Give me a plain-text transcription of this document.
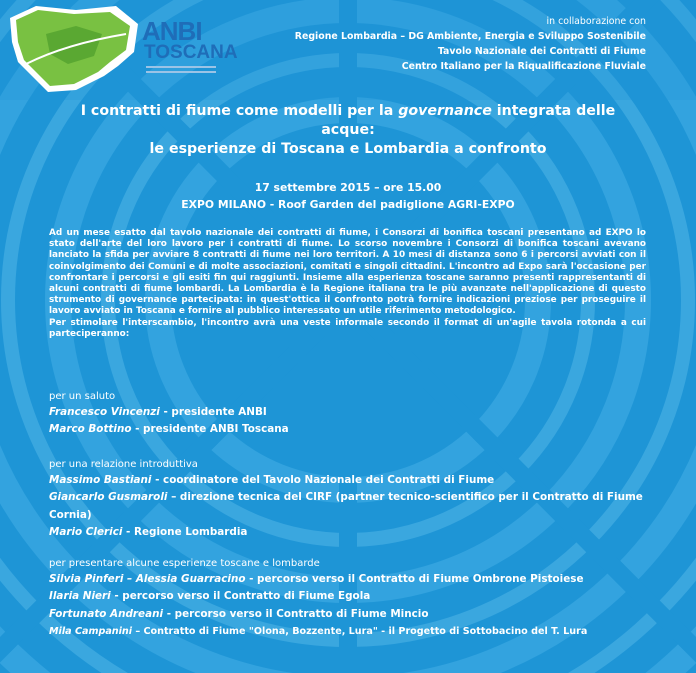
ANBI
TOSCANA
in collaborazione con
Regione Lombardia – DG Ambiente, Energia e Sviluppo Sostenibile
Tavolo Nazionale dei Contratti di Fiume
Centro Italiano per la Riqualificazione Fluviale
I contratti di fiume come modelli per la governance integrata delle acque:
le esperienze di Toscana e Lombardia a confronto
17 settembre 2015 – ore 15.00
EXPO MILANO - Roof Garden del padiglione AGRI-EXPO

Ad un mese esatto dal tavolo nazionale dei contratti di fiume, i Consorzi di bonifica toscani presentano ad EXPO lo stato dell'arte del loro lavoro per i contratti di fiume. Lo scorso novembre i Consorzi di bonifica toscani avevano lanciato la sfida per avviare 8 contratti di fiume nei loro territori. A 10 mesi di distanza sono 6 i percorsi avviati con il coinvolgimento dei Comuni e di molte associazioni, comitati e singoli cittadini. L'incontro ad Expo sarà l'occasione per confrontare i percorsi e gli esiti fin qui raggiunti. Insieme alla esperienza toscane saranno presenti rappresentanti di alcuni contratti di fiume lombardi. La Lombardia è la Regione italiana tra le più avanzate nell'applicazione di questo strumento di governance partecipata: in quest'ottica il confronto potrà fornire indicazioni preziose per proseguire il lavoro avviato in Toscana e fornire al pubblico interessato un utile riferimento metodologico.

Per stimolare l'interscambio, l'incontro avrà una veste informale secondo il format di un'agile tavola rotonda a cui parteciperanno:

per un saluto
Francesco Vincenzi - presidente ANBI
Marco Bottino - presidente ANBI Toscana
per una relazione introduttiva
Massimo Bastiani - coordinatore del Tavolo Nazionale dei Contratti di Fiume
Giancarlo Gusmaroli – direzione tecnica del CIRF (partner tecnico-scientifico per il Contratto di Fiume Cornia)
Mario Clerici - Regione Lombardia
per presentare alcune esperienze toscane e lombarde
Silvia Pinferi – Alessia Guarracino - percorso verso il Contratto di Fiume Ombrone Pistoiese
Ilaria Nieri - percorso verso il Contratto di Fiume Egola
Fortunato Andreani - percorso verso il Contratto di Fiume Mincio
Mila Campanini – Contratto di Fiume "Olona, Bozzente, Lura" - il Progetto di Sottobacino del T. Lura
